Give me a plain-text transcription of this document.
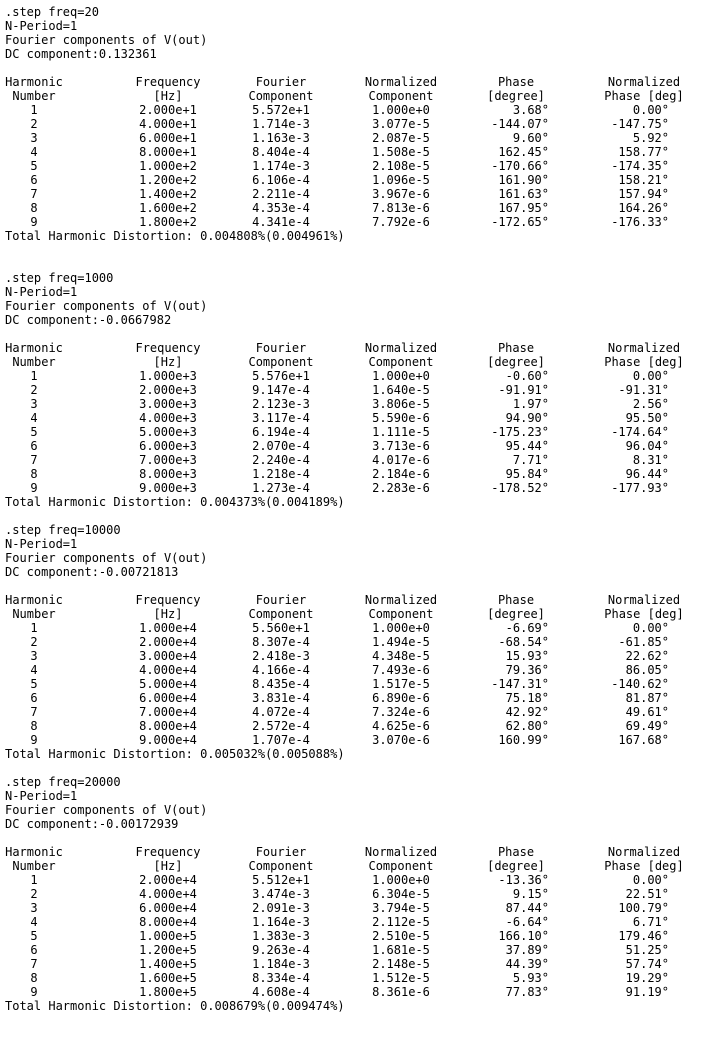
.step freq=20
N-Period=1
Fourier components of V(out)
DC component:0.132361
Harmonic	Frequency	Fourier	Normalized	Phase	Normalized
Number	[Hz]	Component	Component	[degree]	Phase [deg]
1	2.000e+1	5.572e+1	1.000e+0	3.68°	0.00°
2	4.000e+1	1.714e-3	3.077e-5	-144.07°	-147.75°
3	6.000e+1	1.163e-3	2.087e-5	9.60°	5.92°
4	8.000e+1	8.404e-4	1.508e-5	162.45°	158.77°
5	1.000e+2	1.174e-3	2.108e-5	-170.66°	-174.35°
6	1.200e+2	6.106e-4	1.096e-5	161.90°	158.21°
7	1.400e+2	2.211e-4	3.967e-6	161.63°	157.94°
8	1.600e+2	4.353e-4	7.813e-6	167.95°	164.26°
9	1.800e+2	4.341e-4	7.792e-6	-172.65°	-176.33°
Total Harmonic Distortion: 0.004808%(0.004961%)
.step freq=1000
N-Period=1
Fourier components of V(out)
DC component:-0.0667982
Harmonic	Frequency	Fourier	Normalized	Phase	Normalized
Number	[Hz]	Component	Component	[degree]	Phase [deg]
1	1.000e+3	5.576e+1	1.000e+0	-0.60°	0.00°
2	2.000e+3	9.147e-4	1.640e-5	-91.91°	-91.31°
3	3.000e+3	2.123e-3	3.806e-5	1.97°	2.56°
4	4.000e+3	3.117e-4	5.590e-6	94.90°	95.50°
5	5.000e+3	6.194e-4	1.111e-5	-175.23°	-174.64°
6	6.000e+3	2.070e-4	3.713e-6	95.44°	96.04°
7	7.000e+3	2.240e-4	4.017e-6	7.71°	8.31°
8	8.000e+3	1.218e-4	2.184e-6	95.84°	96.44°
9	9.000e+3	1.273e-4	2.283e-6	-178.52°	-177.93°
Total Harmonic Distortion: 0.004373%(0.004189%)
.step freq=10000
N-Period=1
Fourier components of V(out)
DC component:-0.00721813
Harmonic	Frequency	Fourier	Normalized	Phase	Normalized
Number	[Hz]	Component	Component	[degree]	Phase [deg]
1	1.000e+4	5.560e+1	1.000e+0	-6.69°	0.00°
2	2.000e+4	8.307e-4	1.494e-5	-68.54°	-61.85°
3	3.000e+4	2.418e-3	4.348e-5	15.93°	22.62°
4	4.000e+4	4.166e-4	7.493e-6	79.36°	86.05°
5	5.000e+4	8.435e-4	1.517e-5	-147.31°	-140.62°
6	6.000e+4	3.831e-4	6.890e-6	75.18°	81.87°
7	7.000e+4	4.072e-4	7.324e-6	42.92°	49.61°
8	8.000e+4	2.572e-4	4.625e-6	62.80°	69.49°
9	9.000e+4	1.707e-4	3.070e-6	160.99°	167.68°
Total Harmonic Distortion: 0.005032%(0.005088%)
.step freq=20000
N-Period=1
Fourier components of V(out)
DC component:-0.00172939
Harmonic	Frequency	Fourier	Normalized	Phase	Normalized
Number	[Hz]	Component	Component	[degree]	Phase [deg]
1	2.000e+4	5.512e+1	1.000e+0	-13.36°	0.00°
2	4.000e+4	3.474e-3	6.304e-5	9.15°	22.51°
3	6.000e+4	2.091e-3	3.794e-5	87.44°	100.79°
4	8.000e+4	1.164e-3	2.112e-5	-6.64°	6.71°
5	1.000e+5	1.383e-3	2.510e-5	166.10°	179.46°
6	1.200e+5	9.263e-4	1.681e-5	37.89°	51.25°
7	1.400e+5	1.184e-3	2.148e-5	44.39°	57.74°
8	1.600e+5	8.334e-4	1.512e-5	5.93°	19.29°
9	1.800e+5	4.608e-4	8.361e-6	77.83°	91.19°
Total Harmonic Distortion: 0.008679%(0.009474%)
